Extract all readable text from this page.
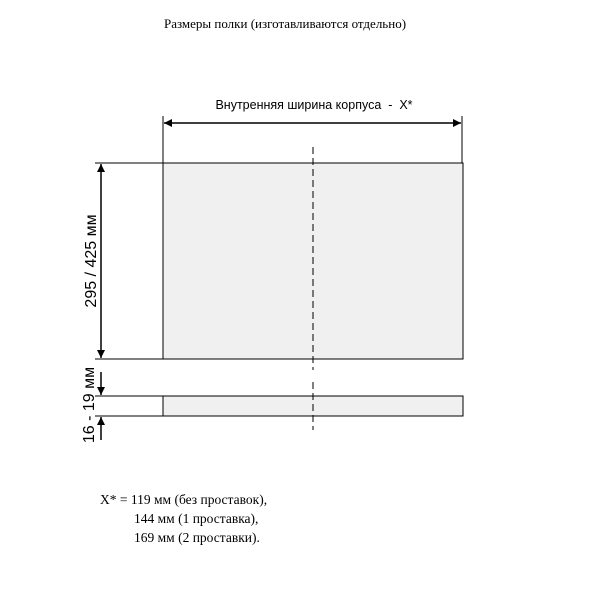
Размеры полки (изготавливаются отдельно)
Внутренняя ширина корпуса  -  X*
295 / 425 мм
16 - 19 мм
X* = 119 мм (без проставок),
144 мм (1 проставка),
169 мм (2 проставки).
